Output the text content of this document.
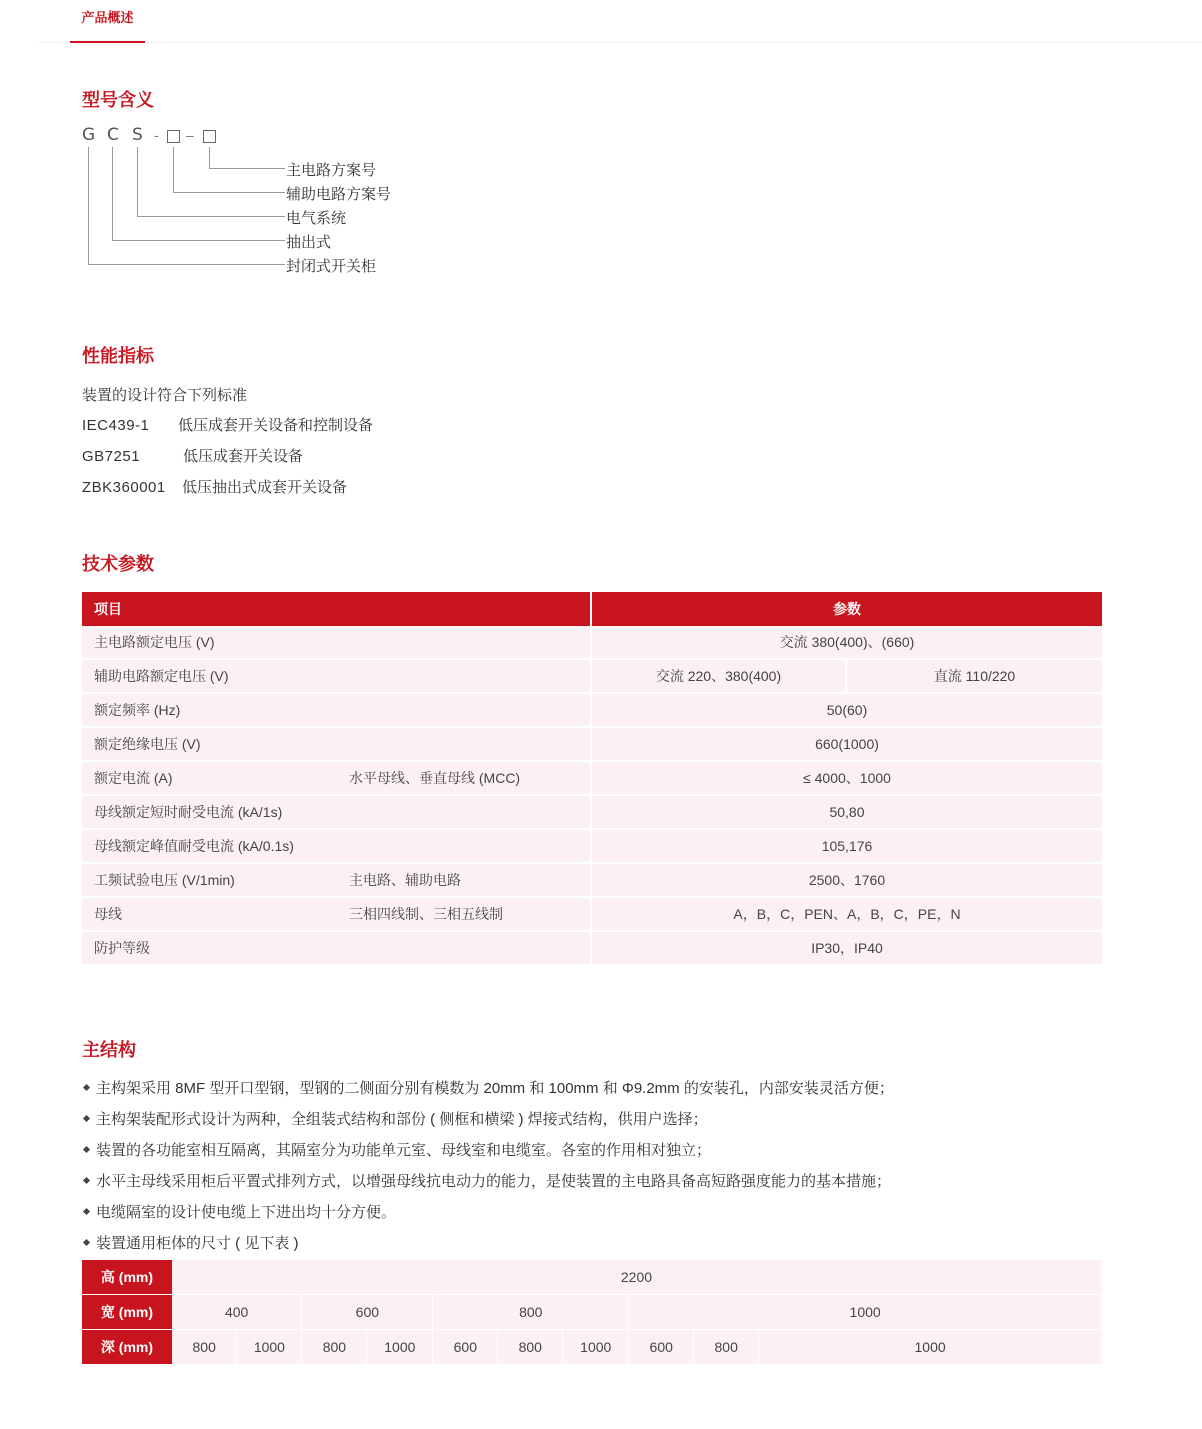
产品概述
型号含义
G C S - –
主电路方案号
辅助电路方案号
电气系统
抽出式
封闭式开关柜
性能指标
装置的设计符合下列标准
IEC439-1 低压成套开关设备和控制设备
GB7251	低压成套开关设备
ZBK360001 低压抽出式成套开关设备
技术参数
项目		参数	
主电路额定电压 (V)		交流 380(400)、(660)	
辅助电路额定电压 (V)		交流 220、380(400)	直流 110/220
额定频率 (Hz)		50(60)	
额定绝缘电压 (V)		660(1000)	
额定电流 (A)	水平母线、垂直母线 (MCC)	≤ 4000、1000	
母线额定短时耐受电流 (kA/1s)		50,80	
母线额定峰值耐受电流 (kA/0.1s)		105,176	
工频试验电压 (V/1min)	主电路、辅助电路	2500、1760	
母线	三相四线制、三相五线制	A，B，C，PEN、A，B，C，PE，N	
防护等级		IP30，IP40	
主结构
主构架采用 8MF 型开口型钢，型钢的二侧面分别有模数为 20mm 和 100mm 和 Φ9.2mm 的安装孔，内部安装灵活方便；
主构架装配形式设计为两种，全组装式结构和部份 ( 侧框和横梁 ) 焊接式结构，供用户选择；
装置的各功能室相互隔离，其隔室分为功能单元室、母线室和电缆室。各室的作用相对独立；
水平主母线采用柜后平置式排列方式，以增强母线抗电动力的能力，是使装置的主电路具备高短路强度能力的基本措施；
电缆隔室的设计使电缆上下进出均十分方便。
装置通用柜体的尺寸 ( 见下表 )
高 (mm)	2200									
宽 (mm)	400		600		800			1000		
深 (mm)	800	1000	800	1000	600	800	1000	600	800	1000
